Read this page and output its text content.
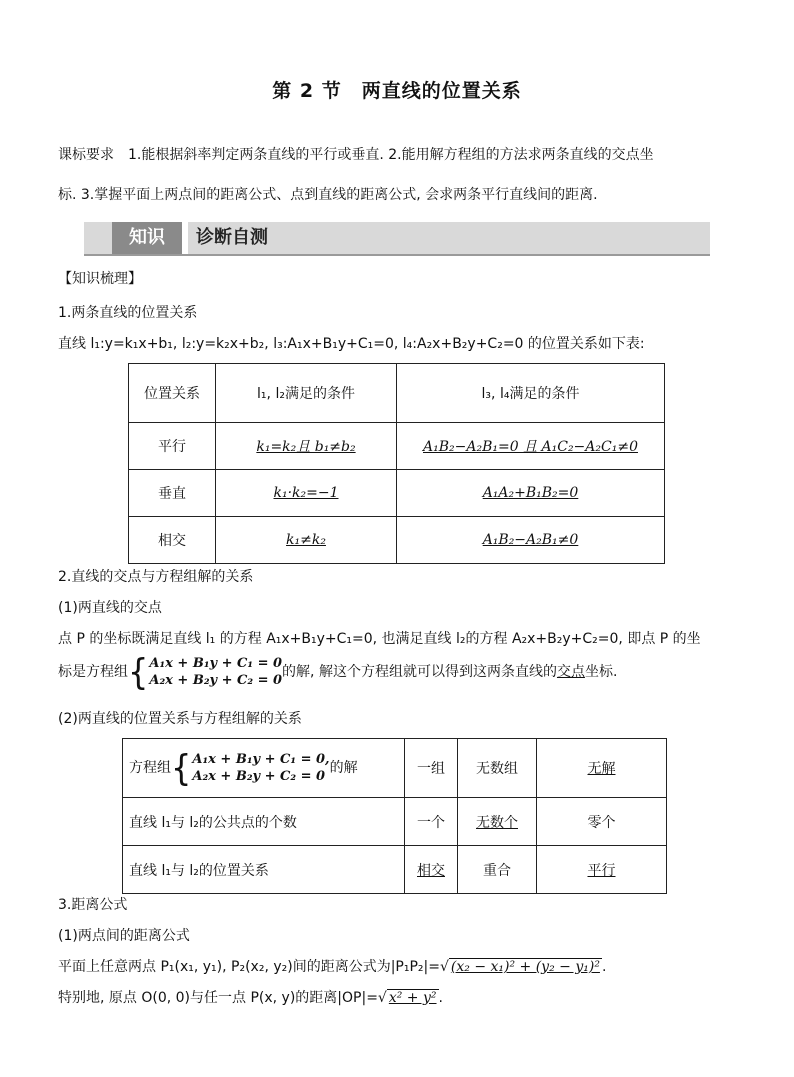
第 2 节　两直线的位置关系
课标要求　1.能根据斜率判定两条直线的平行或垂直. 2.能用解方程组的方法求两条直线的交点坐
标. 3.掌握平面上两点间的距离公式、点到直线的距离公式, 会求两条平行直线间的距离.
知识	诊断自测
【知识梳理】
1.两条直线的位置关系
直线 l₁:y=k₁x+b₁, l₂:y=k₂x+b₂, l₃:A₁x+B₁y+C₁=0, l₄:A₂x+B₂y+C₂=0 的位置关系如下表:
位置关系	l₁, l₂满足的条件	l₃, l₄满足的条件
平行	k₁=k₂且 b₁≠b₂	A₁B₂−A₂B₁=0 且 A₁C₂−A₂C₁≠0
垂直	k₁·k₂=−1	A₁A₂+B₁B₂=0
相交	k₁≠k₂	A₁B₂−A₂B₁≠0
2.直线的交点与方程组解的关系
(1)两直线的交点
点 P 的坐标既满足直线 l₁ 的方程 A₁x+B₁y+C₁=0, 也满足直线 l₂的方程 A₂x+B₂y+C₂=0, 即点 P 的坐
标是方程组{A₁x + B₁y + C₁ = 0
A₂x + B₂y + C₂ = 0的解, 解这个方程组就可以得到这两条直线的交点坐标.
(2)两直线的位置关系与方程组解的关系
方程组{A₁x + B₁y + C₁ = 0,
A₂x + B₂y + C₂ = 0的解	一组	无数组	无解
直线 l₁与 l₂的公共点的个数	一个	无数个	零个
直线 l₁与 l₂的位置关系	相交	重合	平行
3.距离公式
(1)两点间的距离公式
平面上任意两点 P₁(x₁, y₁), P₂(x₂, y₂)间的距离公式为|P₁P₂|=√ (x₂ − x₁)² + (y₂ − y₁)² .
特别地, 原点 O(0, 0)与任一点 P(x, y)的距离|OP|=√ x² + y² .
